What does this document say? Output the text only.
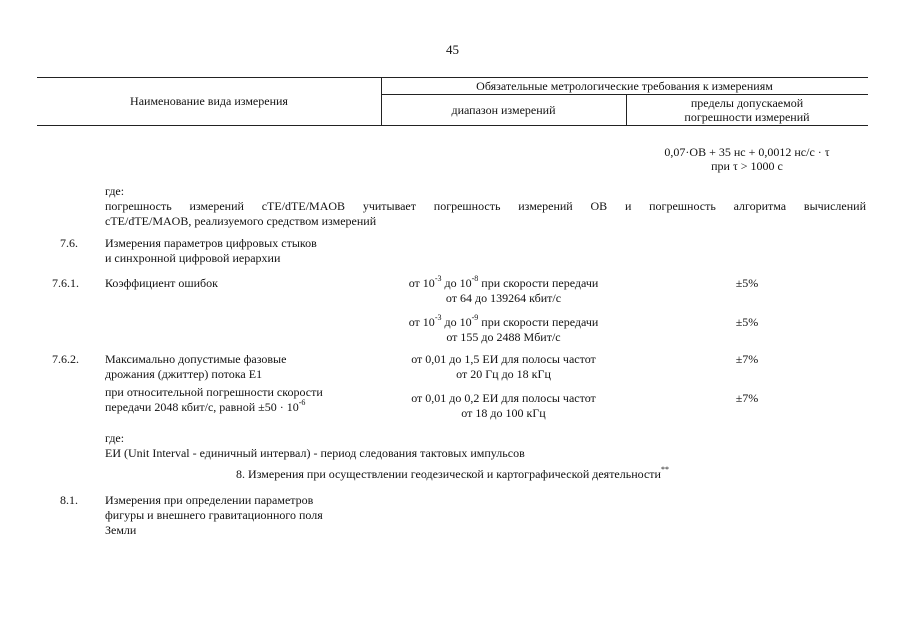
45
Наименование вида измерения
Обязательные метрологические требования к измерениям
диапазон измерений	пределы допускаемой
погрешности измерений
0,07·ОВ + 35 нс + 0,0012 нс/с · τ
при τ > 1000 с
где:
погрешность измерений cTE/dTE/MAOB учитывает погрешность измерений ОВ и погрешность алгоритма вычислений
cTE/dTE/MAOB, реализуемого средством измерений
7.6. Измерения параметров цифровых стыков
и синхронной цифровой иерархии
7.6.1. Коэффициент ошибок	от $10^{-3}$ до $10^{-8}$ при скорости передачи
от 64 до 139264 кбит/с
±5%
от $10^{-3}$ до $10^{-9}$ при скорости передачи
от 155 до 2488 Мбит/с
±5%
7.6.2. Максимально допустимые фазовые
дрожания (джиттер) потока Е1
при относительной погрешности скорости
передачи 2048 кбит/с, равной $\pm 50 \cdot 10^{-6}$
от 0,01 до 1,5 ЕИ для полосы частот
от 20 Гц до 18 кГц
±7%
от 0,01 до 0,2 ЕИ для полосы частот
от 18 до 100 кГц
±7%
где:
ЕИ (Unit Interval - единичный интервал) - период следования тактовых импульсов
8. Измерения при осуществлении геодезической и картографической деятельности**
8.1. Измерения при определении параметров
фигуры и внешнего гравитационного поля
Земли
